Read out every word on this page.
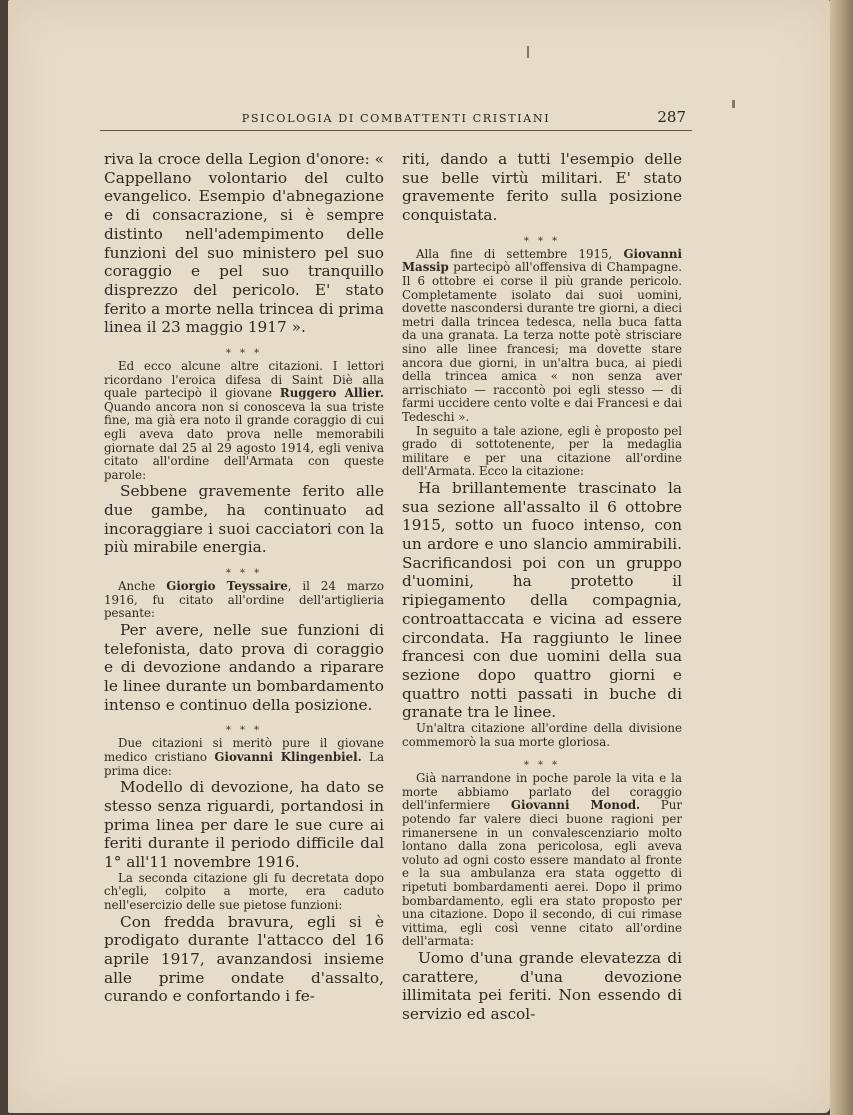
PSICOLOGIA DI COMBATTENTI CRISTIANI	287

riva la croce della Legion d'onore: « Cappellano volontario del culto evangelico. Esempio d'abnegazione e di consacrazione, si è sempre distinto nell'adempimento delle funzioni del suo ministero pel suo coraggio e pel suo tranquillo disprezzo del pericolo. E' stato ferito a morte nella trincea di prima linea il 23 maggio 1917 ».

* * *

Ed ecco alcune altre citazioni. I lettori ricordano l'eroica difesa di Saint Diè alla quale partecipò il giovane Ruggero Allier. Quando ancora non si conosceva la sua triste fine, ma già era noto il grande coraggio di cui egli aveva dato prova nelle memorabili giornate dal 25 al 29 agosto 1914, egli veniva citato all'ordine dell'Armata con queste parole:

Sebbene gravemente ferito alle due gambe, ha continuato ad incoraggiare i suoi cacciatori con la più mirabile energia.

* * *

Anche Giorgio Teyssaire, il 24 marzo 1916, fu citato all'ordine dell'artiglieria pesante:

Per avere, nelle sue funzioni di telefonista, dato prova di coraggio e di devozione andando a riparare le linee durante un bombardamento intenso e continuo della posizione.

* * *

Due citazioni si meritò pure il giovane medico cristiano Giovanni Klingenbiel. La prima dice:

Modello di devozione, ha dato se stesso senza riguardi, portandosi in prima linea per dare le sue cure ai feriti durante il periodo difficile dal 1° all'11 novembre 1916.

La seconda citazione gli fu decretata dopo ch'egli, colpito a morte, era caduto nell'esercizio delle sue pietose funzioni:

Con fredda bravura, egli si è prodigato durante l'attacco del 16 aprile 1917, avanzandosi insieme alle prime ondate d'assalto, curando e confortando i fe-

riti, dando a tutti l'esempio delle sue belle virtù militari. E' stato gravemente ferito sulla posizione conquistata.

* * *

Alla fine di settembre 1915, Giovanni Massip partecipò all'offensiva di Champagne. Il 6 ottobre ei corse il più grande pericolo. Completamente isolato dai suoi uomini, dovette nascondersi durante tre giorni, a dieci metri dalla trincea tedesca, nella buca fatta da una granata. La terza notte potè strisciare sino alle linee francesi; ma dovette stare ancora due giorni, in un'altra buca, ai piedi della trincea amica « non senza aver arrischiato — raccontò poi egli stesso — di farmi uccidere cento volte e dai Francesi e dai Tedeschi ».

In seguito a tale azione, egli è proposto pel grado di sottotenente, per la medaglia militare e per una citazione all'ordine dell'Armata. Ecco la citazione:

Ha brillantemente trascinato la sua sezione all'assalto il 6 ottobre 1915, sotto un fuoco intenso, con un ardore e uno slancio ammirabili. Sacrificandosi poi con un gruppo d'uomini, ha protetto il ripiegamento della compagnia, controattaccata e vicina ad essere circondata. Ha raggiunto le linee francesi con due uomini della sua sezione dopo quattro giorni e quattro notti passati in buche di granate tra le linee.

Un'altra citazione all'ordine della divisione commemorò la sua morte gloriosa.

* * *

Già narrandone in poche parole la vita e la morte abbiamo parlato del coraggio dell'infermiere Giovanni Monod. Pur potendo far valere dieci buone ragioni per rimanersene in un convalescenziario molto lontano dalla zona pericolosa, egli aveva voluto ad ogni costo essere mandato al fronte e la sua ambulanza era stata oggetto di ripetuti bombardamenti aerei. Dopo il primo bombardamento, egli era stato proposto per una citazione. Dopo il secondo, di cui rimase vittima, egli così venne citato all'ordine dell'armata:

Uomo d'una grande elevatezza di carattere, d'una devozione illimitata pei feriti. Non essendo di servizio ed ascol-
